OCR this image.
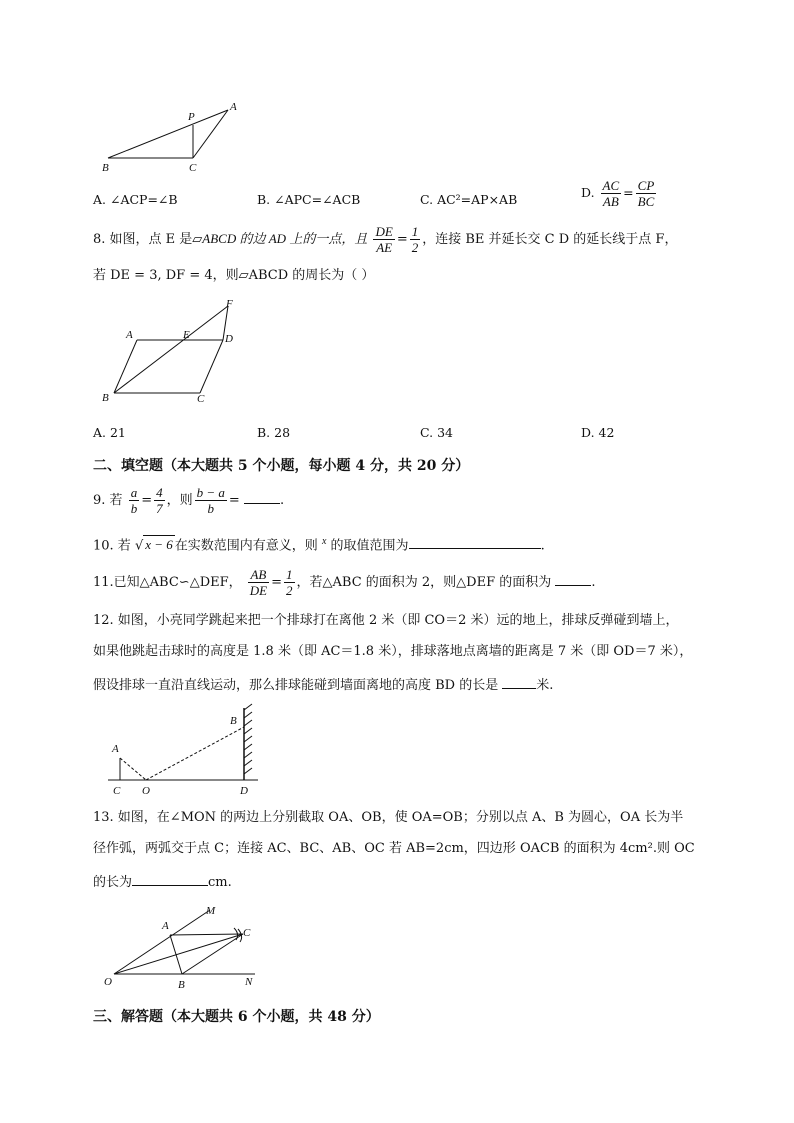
P
A
B	C
A. ∠ACP=∠B	B. ∠APC=∠ACB	C. AC²=AP×AB	D. $\frac{AC}{AB} = \frac{CP}{BC}$
8. 如图，点 E 是▱ABCD 的边 AD 上的一点，且 $\frac{DE}{AE} = \frac{1}{2}$ ，连接 BE 并延长交 C D 的延长线于点 F，
若 DE = 3, DF = 4，则▱ABCD 的周长为（ ）
F
A	E	D
B	C
A. 21	B. 28	C. 34	D. 42
二、填空题（本大题共 5 个小题，每小题 4 分，共 20 分）
9. 若 $\frac{a}{b} = \frac{4}{7}$ ，则 $\frac{b - a}{b}$ =	.
10. 若 √ x − 6 在实数范围内有意义，则 $^x$ 的取值范围为	.
11.已知△ABC∽△DEF， $\frac{AB}{DE} = \frac{1}{2}$ ，若△ABC 的面积为 2，则△DEF 的面积为	.
12. 如图，小亮同学跳起来把一个排球打在离他 2 米（即 CO＝2 米）远的地上，排球反弹碰到墙上，
如果他跳起击球时的高度是 1.8 米（即 AC＝1.8 米），排球落地点离墙的距离是 7 米（即 OD＝7 米），
假设排球一直沿直线运动，那么排球能碰到墙面离地的高度 BD 的长是	米.
B
A
C O	D
13. 如图，在∠MON 的两边上分别截取 OA、OB，使 OA=OB；分别以点 A、B 为圆心，OA 长为半
径作弧，两弧交于点 C；连接 AC、BC、AB、OC 若 AB=2cm，四边形 OACB 的面积为 4cm².则 OC
的长为	cm.
M
A
C
O	B	N
三、解答题（本大题共 6 个小题，共 48 分）
